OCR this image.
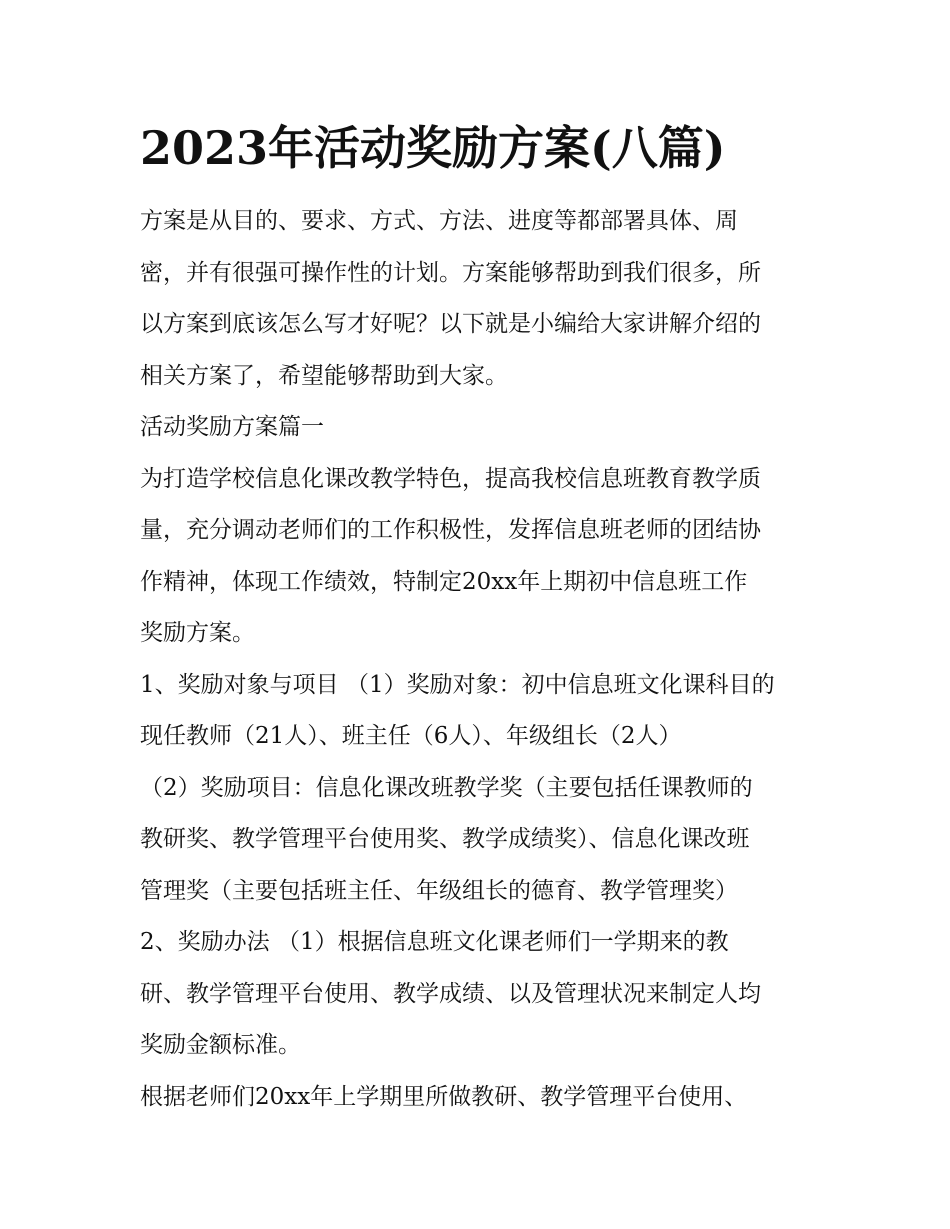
2023年活动奖励方案(八篇)
方案是从目的、要求、方式、方法、进度等都部署具体、周
密，并有很强可操作性的计划。方案能够帮助到我们很多，所
以方案到底该怎么写才好呢？以下就是小编给大家讲解介绍的
相关方案了，希望能够帮助到大家。
活动奖励方案篇一
为打造学校信息化课改教学特色，提高我校信息班教育教学质
量，充分调动老师们的工作积极性，发挥信息班老师的团结协
作精神，体现工作绩效，特制定20xx年上期初中信息班工作
奖励方案。
1、奖励对象与项目 （1）奖励对象：初中信息班文化课科目的
现任教师（21人）、班主任（6人）、年级组长（2人）
（2）奖励项目：信息化课改班教学奖（主要包括任课教师的
教研奖、教学管理平台使用奖、教学成绩奖）、信息化课改班
管理奖（主要包括班主任、年级组长的德育、教学管理奖）
2、奖励办法 （1）根据信息班文化课老师们一学期来的教
研、教学管理平台使用、教学成绩、以及管理状况来制定人均
奖励金额标准。
根据老师们20xx年上学期里所做教研、教学管理平台使用、
